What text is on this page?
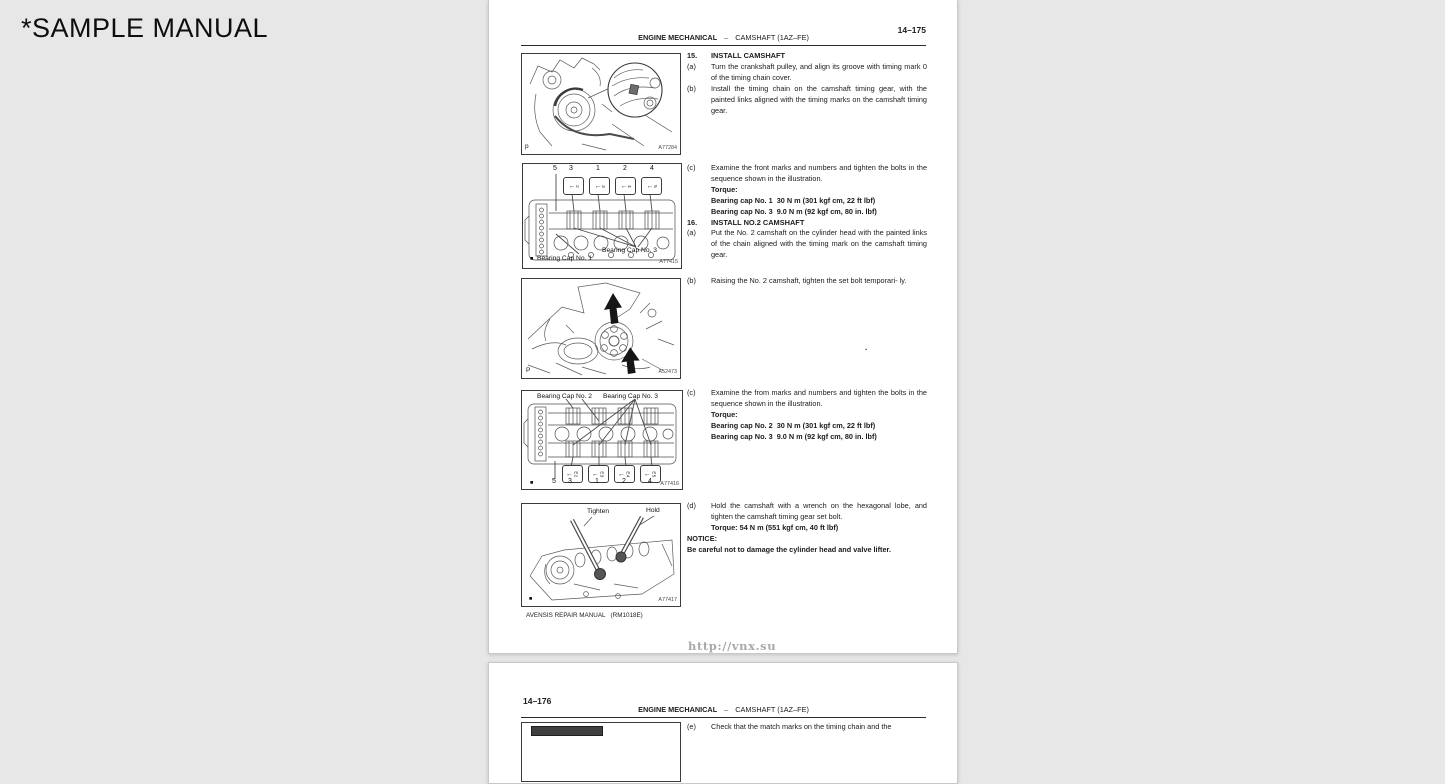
*SAMPLE MANUAL	14–175
ENGINE MECHANICAL – CAMSHAFT (1AZ–FE)
p	A77284
5 3	1	2	4
←
2 ←
3 ←
4 ←
5
■ Bearing Cap No. 1
Bearing Cap No. 3
A77415
P	A52473
Bearing Cap No. 2 Bearing Cap No. 3
← E2 ← E3 ← E4 ← E5
5 3	1	2	4
■	A77416
Tighten	Hold
■	A77417
15.	INSTALL CAMSHAFT
(a)	Turn the crankshaft pulley, and align its groove with timing mark 0 of the timing chain cover.
(b)	Install the timing chain on the camshaft timing gear, with the painted links aligned with the timing marks on the camshaft timing gear.
(c)	Examine the front marks and numbers and tighten the bolts in the sequence shown in the illustration.
Torque:
Bearing cap No. 1  30 N m (301 kgf cm, 22 ft lbf)
Bearing cap No. 3  9.0 N m (92 kgf cm, 80 in. lbf)
16.	INSTALL NO.2 CAMSHAFT
(a)	Put the No. 2 camshaft on the cylinder head with the painted links of the chain aligned with the timing mark on the camshaft timing gear.
(b)	Raising the No. 2 camshaft, tighten the set bolt temporari- ly.
.
(c)	Examine the from marks and numbers and tighten the bolts in the sequence shown in the illustration.
Torque:
Bearing cap No. 2  30 N m (301 kgf cm, 22 ft lbf)
Bearing cap No. 3  9.0 N m (92 kgf cm, 80 in. lbf)
(d)	Hold the camshaft with a wrench on the hexagonal lobe, and tighten the camshaft timing gear set bolt.
Torque: 54 N m (551 kgf cm, 40 ft lbf)
NOTICE:
Be careful not to damage the cylinder head and valve lifter.
AVENSIS REPAIR MANUAL   (RM1018E)
http://vnx.su
14–176
ENGINE MECHANICAL – CAMSHAFT (1AZ–FE)
(e)	Check that the match marks on the timing chain and the
